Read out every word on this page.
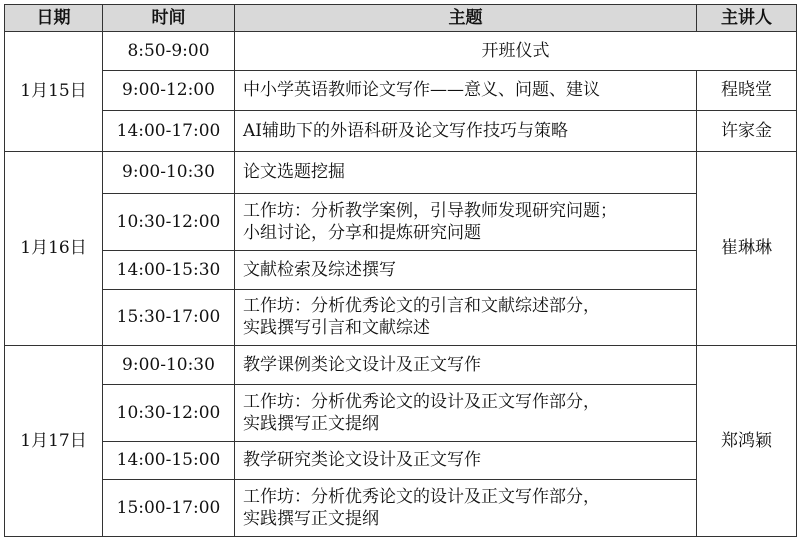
日期	时间	主题	主讲人
1月15日	8:50-9:00	开班仪式	

	9:00-12:00	中小学英语教师论文写作——意义、问题、建议	程晓堂
	14:00-17:00	AI辅助下的外语科研及论文写作技巧与策略	许家金
1月16日	9:00-10:30	论文选题挖掘	崔琳琳
	10:30-12:00	工作坊：分析教学案例，引导教师发现研究问题；
小组讨论，分享和提炼研究问题	

	14:00-15:30	文献检索及综述撰写	

	15:30-17:00	工作坊：分析优秀论文的引言和文献综述部分，
实践撰写引言和文献综述	

1月17日	9:00-10:30	教学课例类论文设计及正文写作	郑鸿颖
	10:30-12:00	工作坊：分析优秀论文的设计及正文写作部分，
实践撰写正文提纲	

	14:00-15:00	教学研究类论文设计及正文写作	

	15:00-17:00	工作坊：分析优秀论文的设计及正文写作部分，
实践撰写正文提纲	
